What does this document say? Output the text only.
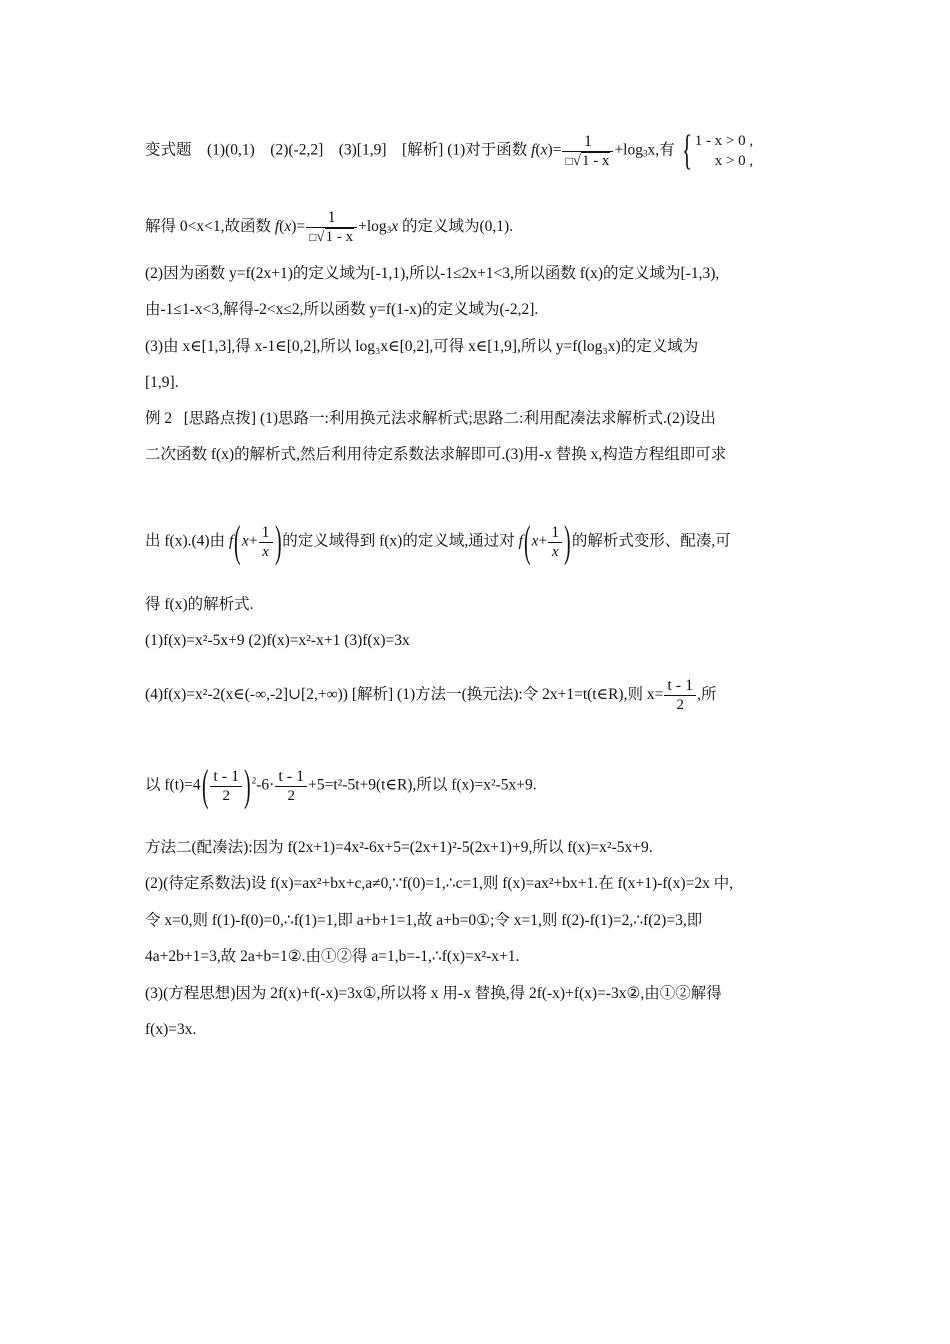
变式题 (1)(0,1) (2)(-2,2] (3)[1,9] [解析] (1)对于函数 $f(x)= \frac{1}{□√1 - x} +\log_3x$,有 { 1 - x > 0 ,
x > 0 ,
解得 0<x<1,故函数 $f(x)= \frac{1}{□√1 - x} +\log_3x$ 的定义域为(0,1).
(2)因为函数 y=f(2x+1)的定义域为[-1,1),所以-1≤2x+1<3,所以函数 f(x)的定义域为[-1,3),
由-1≤1-x<3,解得-2<x≤2,所以函数 y=f(1-x)的定义域为(-2,2].
(3)由 x∈[1,3],得 x-1∈[0,2],所以 log₃x∈[0,2],可得 x∈[1,9],所以 y=f(log₃x)的定义域为
[1,9].
例 2 [思路点拨] (1)思路一:利用换元法求解析式;思路二:利用配凑法求解析式.(2)设出
二次函数 f(x)的解析式,然后利用待定系数法求解即可.(3)用-x 替换 x,构造方程组即可求
出 f(x).(4)由 $f(x+ \frac{1}{x}$ )的定义域得到 f(x)的定义域,通过对 $f(x+ \frac{1}{x}$ )的解析式变形、配凑,可
得 f(x)的解析式.
(1)f(x)=x²-5x+9 (2)f(x)=x²-x+1 (3)f(x)=3x
(4)f(x)=x²-2(x∈(-∞,-2]∪[2,+∞)) [解析] (1)方法一(换元法):令 2x+1=t(t∈R),则 $x= \frac{t - 1}{2}$ ,所
以 $f(t)=4( \frac{t - 1}{2} )^2-6\cdot \frac{t - 1}{2}$ +5=t²-5t+9(t∈R),所以 f(x)=x²-5x+9.
方法二(配凑法):因为 f(2x+1)=4x²-6x+5=(2x+1)²-5(2x+1)+9,所以 f(x)=x²-5x+9.
(2)(待定系数法)设 f(x)=ax²+bx+c,a≠0,∵f(0)=1,∴c=1,则 f(x)=ax²+bx+1.在 f(x+1)-f(x)=2x 中,
令 x=0,则 f(1)-f(0)=0,∴f(1)=1,即 a+b+1=1,故 a+b=0①;令 x=1,则 f(2)-f(1)=2,∴f(2)=3,即
4a+2b+1=3,故 2a+b=1②.由①②得 a=1,b=-1,∴f(x)=x²-x+1.
(3)(方程思想)因为 2f(x)+f(-x)=3x①,所以将 x 用-x 替换,得 2f(-x)+f(x)=-3x②,由①②解得
f(x)=3x.
